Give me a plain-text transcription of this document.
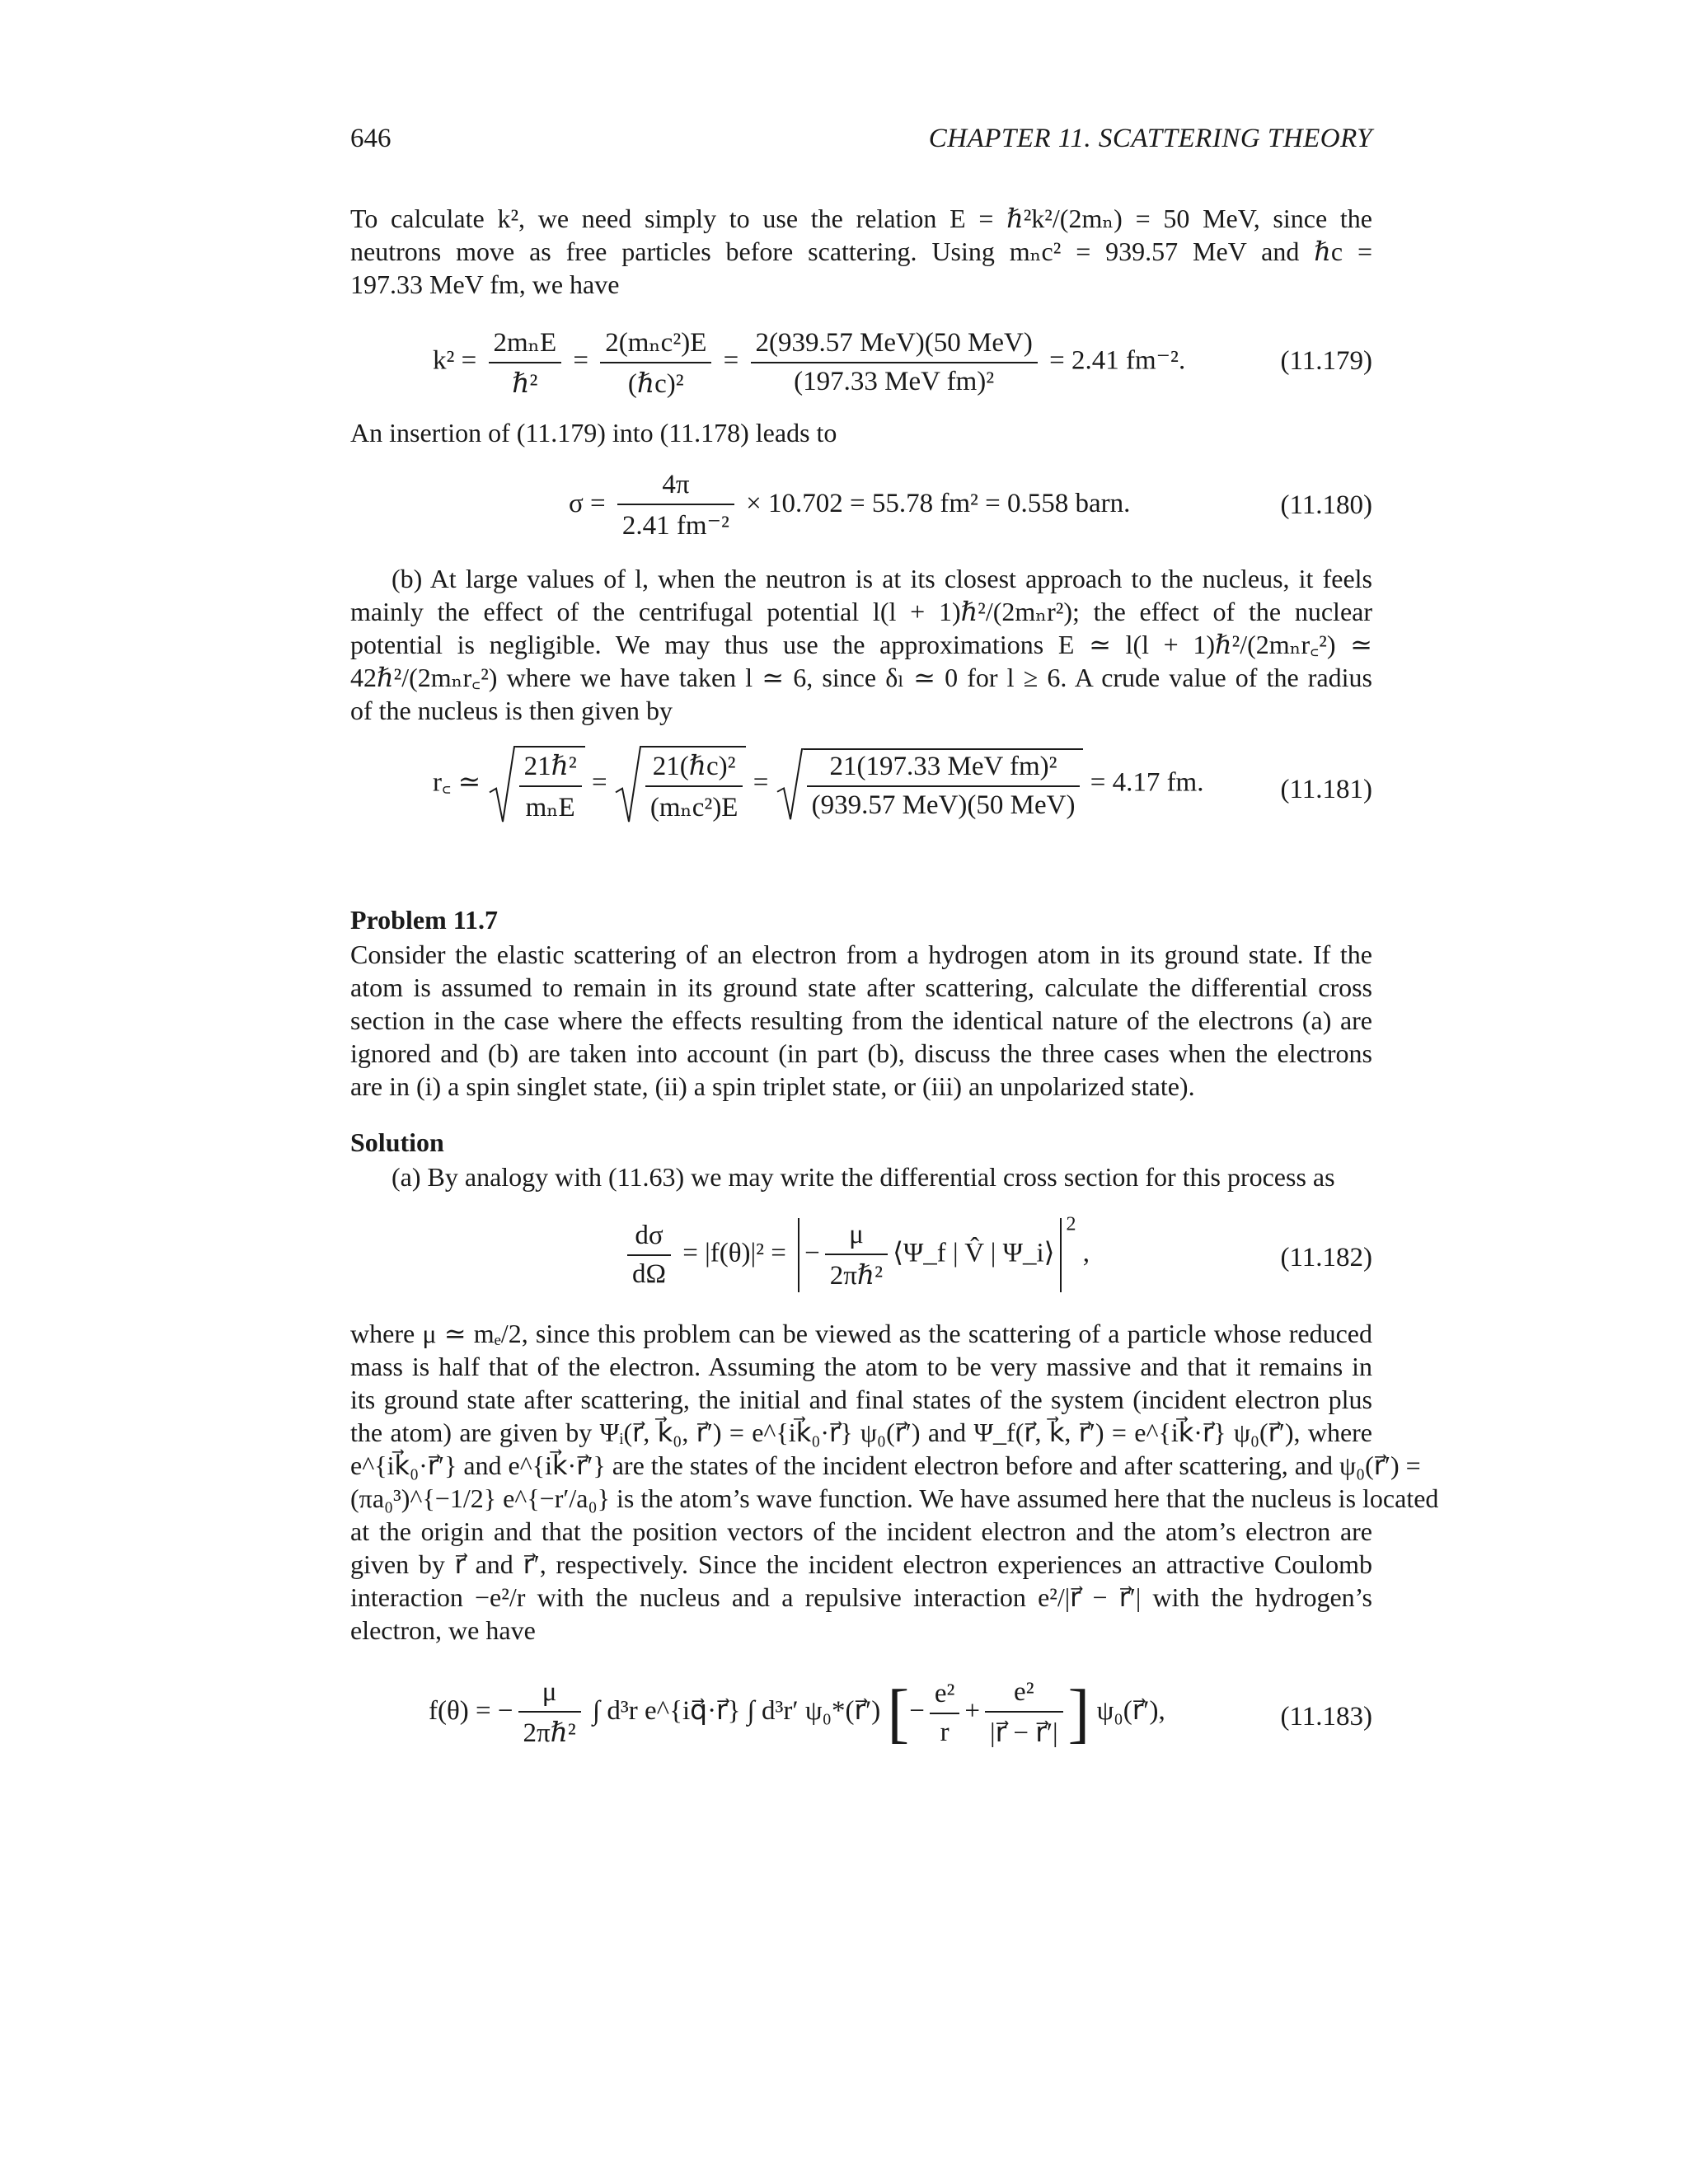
646	CHAPTER 11. SCATTERING THEORY
To calculate k², we need simply to use the relation E = ℏ²k²/(2mₙ) = 50 MeV, since the
neutrons move as free particles before scattering. Using mₙc² = 939.57 MeV and ℏc =
197.33 MeV fm, we have
$k^2 = \frac{\text{2mₙE}}{\text{ℏ²}} = \frac{\text{2(mₙc²)E}}{\text{(ℏc)²}} = \frac{\text{2(939.57 MeV)(50 MeV)}}{\text{(197.33 MeV fm)²}} = 2.41$ fm⁻².	(11.179)
An insertion of (11.179) into (11.178) leads to
$\sigma = \frac{4\pi}{\text{2.41 fm⁻²}} \times 10.702 = 55.78$ fm² = 0.558 barn.	(11.180)
(b) At large values of l, when the neutron is at its closest approach to the nucleus, it feels
mainly the effect of the centrifugal potential l(l + 1)ℏ²/(2mₙr²); the effect of the nuclear
potential is negligible. We may thus use the approximations E ≃ l(l + 1)ℏ²/(2mₙr꜀²) ≃
42ℏ²/(2mₙr꜀²) where we have taken l ≃ 6, since δₗ ≃ 0 for l ≥ 6. A crude value of the radius
of the nucleus is then given by
r꜀ ≃ $\frac{\text{21ℏ²}}{\text{mₙE}} = \frac{\text{21(ℏc)²}}{\text{(mₙc²)E}} = \frac{\text{21(197.33 MeV fm)²}}{\text{(939.57 MeV)(50 MeV)}} = 4.17$ fm.	(11.181)
Problem 11.7
Consider the elastic scattering of an electron from a hydrogen atom in its ground state. If the
atom is assumed to remain in its ground state after scattering, calculate the differential cross
section in the case where the effects resulting from the identical nature of the electrons (a) are
ignored and (b) are taken into account (in part (b), discuss the three cases when the electrons
are in (i) a spin singlet state, (ii) a spin triplet state, or (iii) an unpolarized state).
Solution
(a) By analogy with (11.63) we may write the differential cross section for this process as
$\frac{d\sigma}{d\Omega} = |f(\theta)|^2$ = − $\frac{\mu}{\text{2πℏ²}}$ ⟨Ψ_f | V̂ | Ψ_i⟩$^2$ ,	(11.182)
where μ ≃ mₑ/2, since this problem can be viewed as the scattering of a particle whose reduced
mass is half that of the electron. Assuming the atom to be very massive and that it remains in
its ground state after scattering, the initial and final states of the system (incident electron plus
the atom) are given by Ψᵢ(r⃗, k⃗₀, r⃗′) = e^{ik⃗₀·r⃗} ψ₀(r⃗′) and Ψ_f(r⃗, k⃗, r⃗′) = e^{ik⃗·r⃗} ψ₀(r⃗′), where
e^{ik⃗₀·r⃗′} and e^{ik⃗·r⃗′} are the states of the incident electron before and after scattering, and ψ₀(r⃗′) =
(πa₀³)^{−1/2} e^{−r′/a₀} is the atom’s wave function. We have assumed here that the nucleus is located
at the origin and that the position vectors of the incident electron and the atom’s electron are
given by r⃗ and r⃗′, respectively. Since the incident electron experiences an attractive Coulomb
interaction −e²/r with the nucleus and a repulsive interaction e²/|r⃗ − r⃗′| with the hydrogen’s
electron, we have
f(θ) = − $\frac{\mu}{\text{2πℏ²}}$ ∫ d³r e^{iq⃗·r⃗} ∫ d³r′ ψ₀*(r⃗′) [− $\frac{\text{e²}}{r} + \frac{\text{e²}}{|r⃗ - r⃗'|}$ ] ψ₀(r⃗′),	(11.183)
